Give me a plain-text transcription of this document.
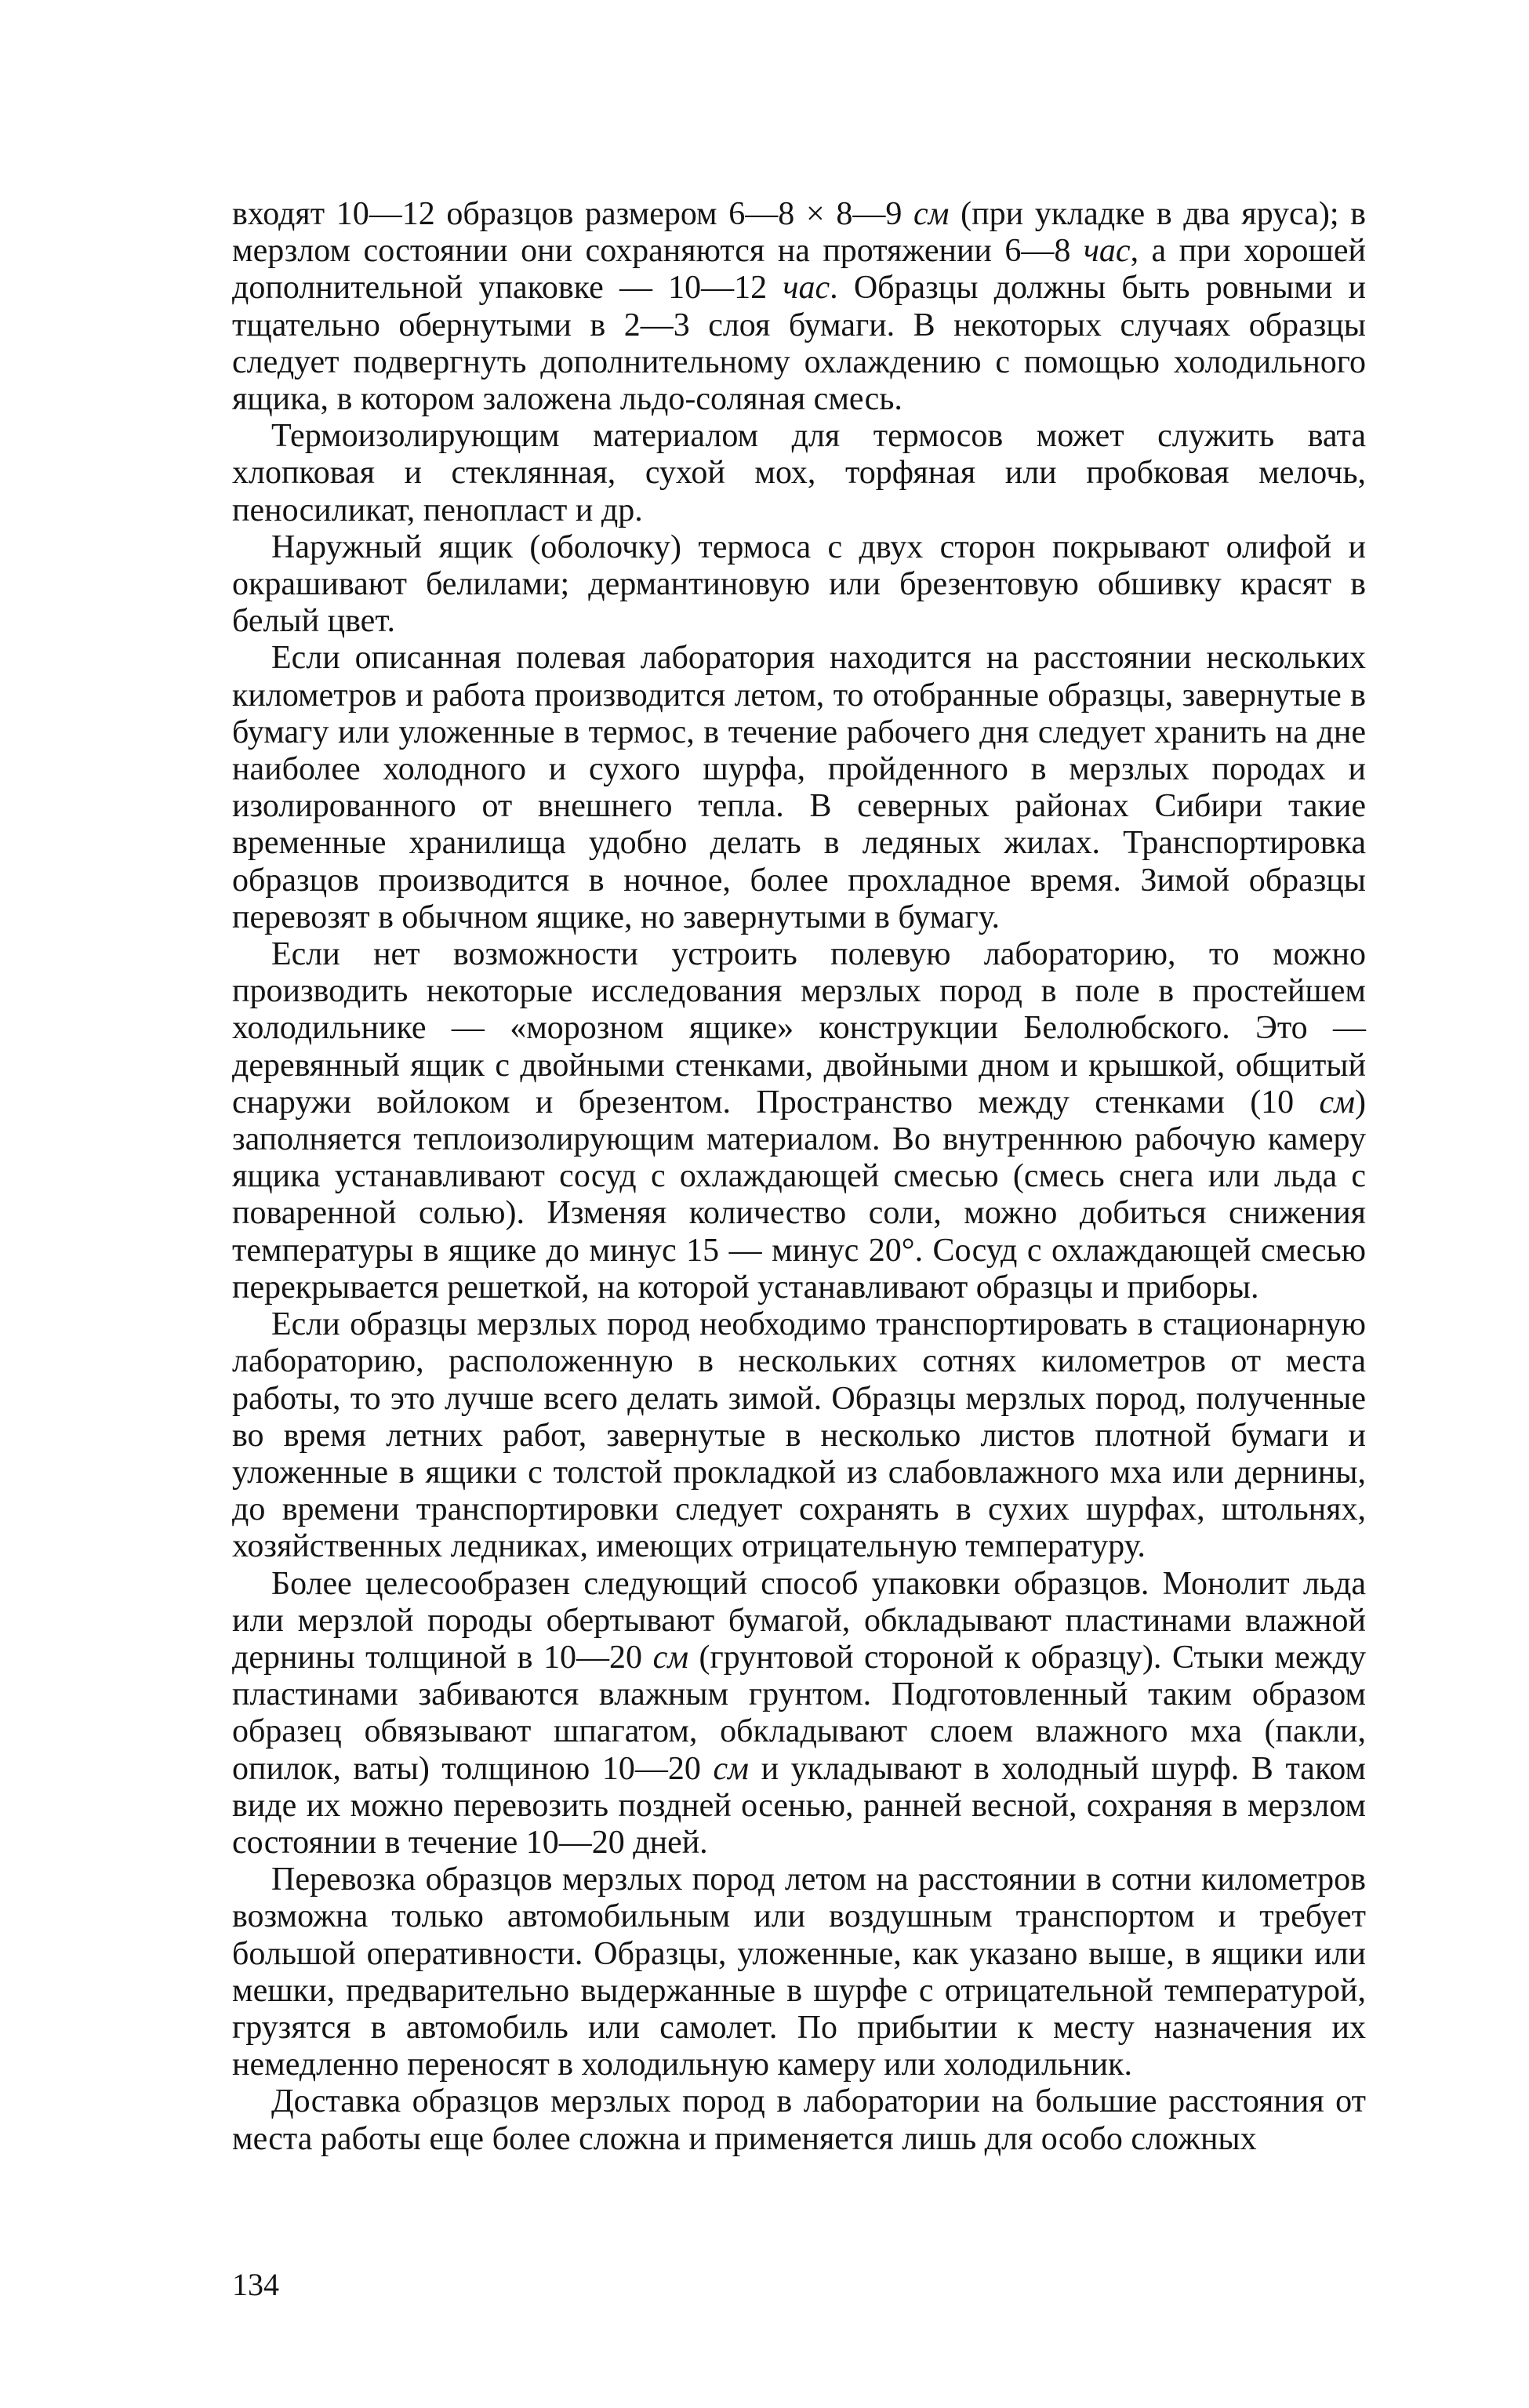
входят 10—12 образцов размером 6—8 × 8—9 см (при укладке в два яруса); в мерзлом состоянии они сохраняются на протяжении 6—8 час, а при хорошей дополнительной упаковке — 10—12 час. Образцы должны быть ровными и тщательно обернутыми в 2—3 слоя бумаги. В некоторых случаях образцы следует подвергнуть дополнительному охлаждению с помощью холодильного ящика, в котором заложена льдо-соляная смесь.

Термоизолирующим материалом для термосов может служить вата хлопковая и стеклянная, сухой мох, торфяная или пробковая мелочь, пеносиликат, пенопласт и др.

Наружный ящик (оболочку) термоса с двух сторон покрывают олифой и окрашивают белилами; дермантиновую или брезентовую обшивку красят в белый цвет.

Если описанная полевая лаборатория находится на расстоянии нескольких километров и работа производится летом, то отобранные образцы, завернутые в бумагу или уложенные в термос, в течение рабочего дня следует хранить на дне наиболее холодного и сухого шурфа, пройденного в мерзлых породах и изолированного от внешнего тепла. В северных районах Сибири такие временные хранилища удобно делать в ледяных жилах. Транспортировка образцов производится в ночное, более прохладное время. Зимой образцы перевозят в обычном ящике, но завернутыми в бумагу.

Если нет возможности устроить полевую лабораторию, то можно производить некоторые исследования мерзлых пород в поле в простейшем холодильнике — «морозном ящике» конструкции Белолюбского. Это — деревянный ящик с двойными стенками, двойными дном и крышкой, общитый снаружи войлоком и брезентом. Пространство между стенками (10 см) заполняется теплоизолирующим материалом. Во внутреннюю рабочую камеру ящика устанавливают сосуд с охлаждающей смесью (смесь снега или льда с поваренной солью). Изменяя количество соли, можно добиться снижения температуры в ящике до минус 15 — минус 20°. Сосуд с охлаждающей смесью перекрывается решеткой, на которой устанавливают образцы и приборы.

Если образцы мерзлых пород необходимо транспортировать в стационарную лабораторию, расположенную в нескольких сотнях километров от места работы, то это лучше всего делать зимой. Образцы мерзлых пород, полученные во время летних работ, завернутые в несколько листов плотной бумаги и уложенные в ящики с толстой прокладкой из слабовлажного мха или дернины, до времени транспортировки следует сохранять в сухих шурфах, штольнях, хозяйственных ледниках, имеющих отрицательную температуру.

Более целесообразен следующий способ упаковки образцов. Монолит льда или мерзлой породы обертывают бумагой, обкладывают пластинами влажной дернины толщиной в 10—20 см (грунтовой стороной к образцу). Стыки между пластинами забиваются влажным грунтом. Подготовленный таким образом образец обвязывают шпагатом, обкладывают слоем влажного мха (пакли, опилок, ваты) толщиною 10—20 см и укладывают в холодный шурф. В таком виде их можно перевозить поздней осенью, ранней весной, сохраняя в мерзлом состоянии в течение 10—20 дней.

Перевозка образцов мерзлых пород летом на расстоянии в сотни километров возможна только автомобильным или воздушным транспортом и требует большой оперативности. Образцы, уложенные, как указано выше, в ящики или мешки, предварительно выдержанные в шурфе с отрицательной температурой, грузятся в автомобиль или самолет. По прибытии к месту назначения их немедленно переносят в холодильную камеру или холодильник.

Доставка образцов мерзлых пород в лаборатории на большие расстояния от места работы еще более сложна и применяется лишь для особо сложных

134
